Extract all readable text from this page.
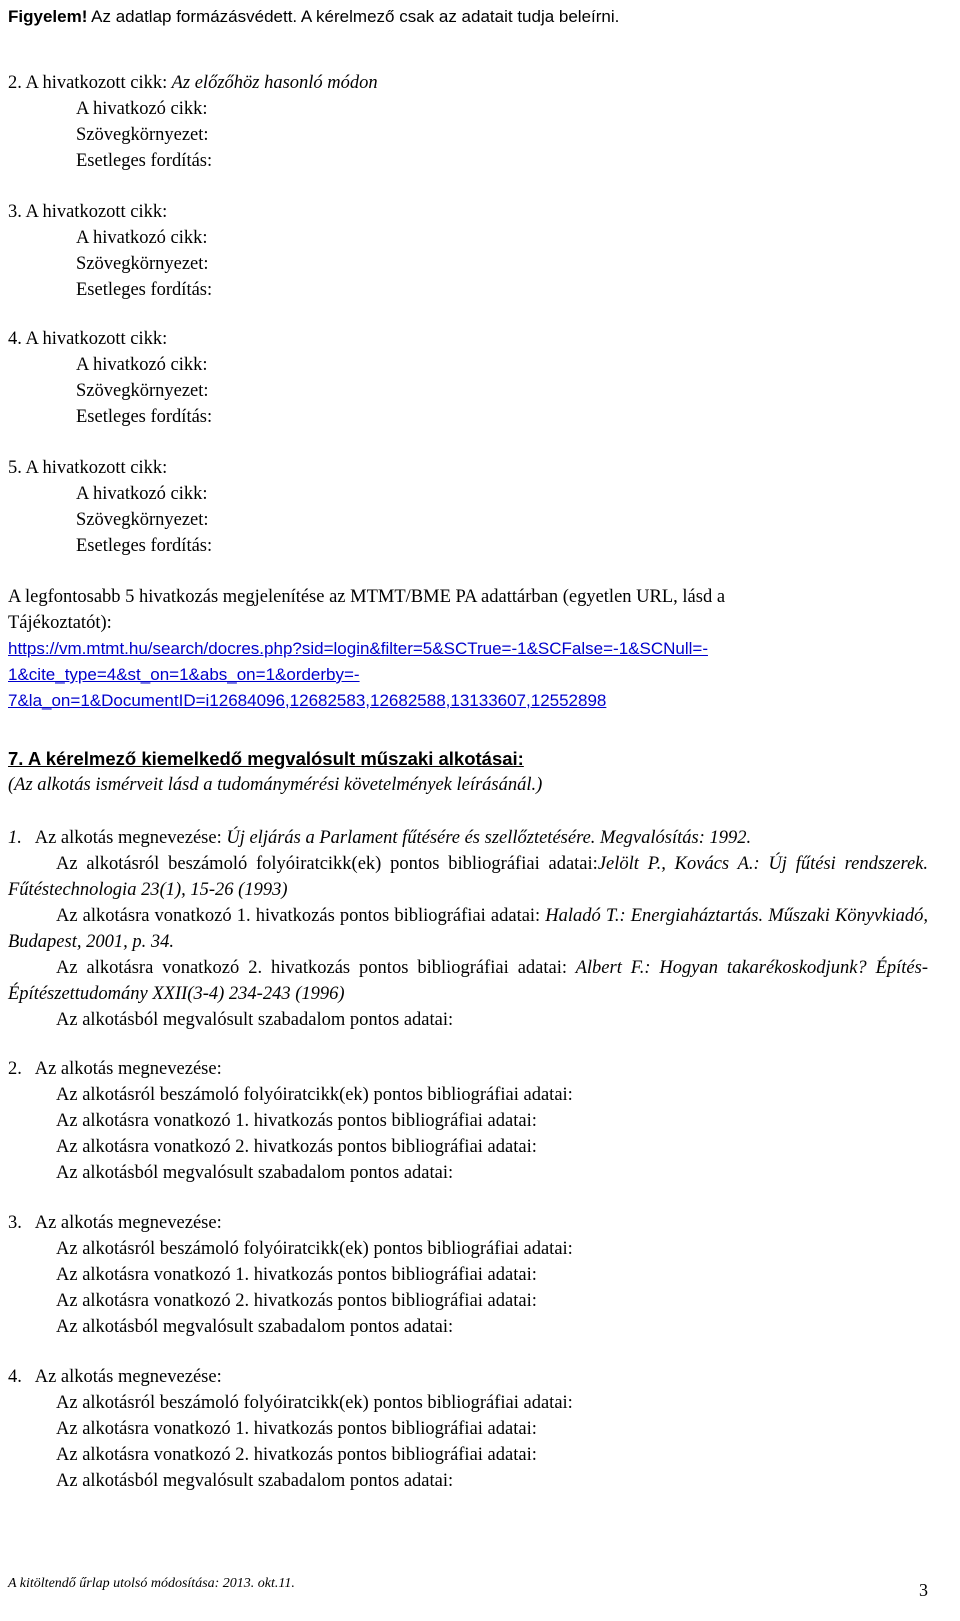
Figyelem! Az adatlap formázásvédett. A kérelmező csak az adatait tudja beleírni.
2. A hivatkozott cikk: Az előzőhöz hasonló módon
A hivatkozó cikk:
Szövegkörnyezet:
Esetleges fordítás:
3. A hivatkozott cikk:
A hivatkozó cikk:
Szövegkörnyezet:
Esetleges fordítás:
4. A hivatkozott cikk:
A hivatkozó cikk:
Szövegkörnyezet:
Esetleges fordítás:
5. A hivatkozott cikk:
A hivatkozó cikk:
Szövegkörnyezet:
Esetleges fordítás:
A legfontosabb 5 hivatkozás megjelenítése az MTMT/BME PA adattárban (egyetlen URL, lásd a
Tájékoztatót):
https://vm.mtmt.hu/search/docres.php?sid=login&filter=5&SCTrue=-1&SCFalse=-1&SCNull=-
1&cite_type=4&st_on=1&abs_on=1&orderby=-
7&la_on=1&DocumentID=i12684096,12682583,12682588,13133607,12552898
7. A kérelmező kiemelkedő megvalósult műszaki alkotásai:
(Az alkotás ismérveit lásd a tudománymérési követelmények leírásánál.)
1. Az alkotás megnevezése: Új eljárás a Parlament fűtésére és szellőztetésére. Megvalósítás: 1992.
Az alkotásról beszámoló folyóiratcikk(ek) pontos bibliográfiai adatai:Jelölt P., Kovács A.: Új fűtési rendszerek. Fűtéstechnologia 23(1), 15-26 (1993)
Az alkotásra vonatkozó 1. hivatkozás pontos bibliográfiai adatai: Haladó T.: Energiaháztartás. Műszaki Könyvkiadó, Budapest, 2001, p. 34.
Az alkotásra vonatkozó 2. hivatkozás pontos bibliográfiai adatai: Albert F.: Hogyan takarékoskodjunk? Építés- Építészettudomány XXII(3-4) 234-243 (1996)
Az alkotásból megvalósult szabadalom pontos adatai:
2. Az alkotás megnevezése:
Az alkotásról beszámoló folyóiratcikk(ek) pontos bibliográfiai adatai:
Az alkotásra vonatkozó 1. hivatkozás pontos bibliográfiai adatai:
Az alkotásra vonatkozó 2. hivatkozás pontos bibliográfiai adatai:
Az alkotásból megvalósult szabadalom pontos adatai:
3. Az alkotás megnevezése:
Az alkotásról beszámoló folyóiratcikk(ek) pontos bibliográfiai adatai:
Az alkotásra vonatkozó 1. hivatkozás pontos bibliográfiai adatai:
Az alkotásra vonatkozó 2. hivatkozás pontos bibliográfiai adatai:
Az alkotásból megvalósult szabadalom pontos adatai:
4. Az alkotás megnevezése:
Az alkotásról beszámoló folyóiratcikk(ek) pontos bibliográfiai adatai:
Az alkotásra vonatkozó 1. hivatkozás pontos bibliográfiai adatai:
Az alkotásra vonatkozó 2. hivatkozás pontos bibliográfiai adatai:
Az alkotásból megvalósult szabadalom pontos adatai:
A kitöltendő űrlap utolsó módosítása: 2013. okt.11.	3
